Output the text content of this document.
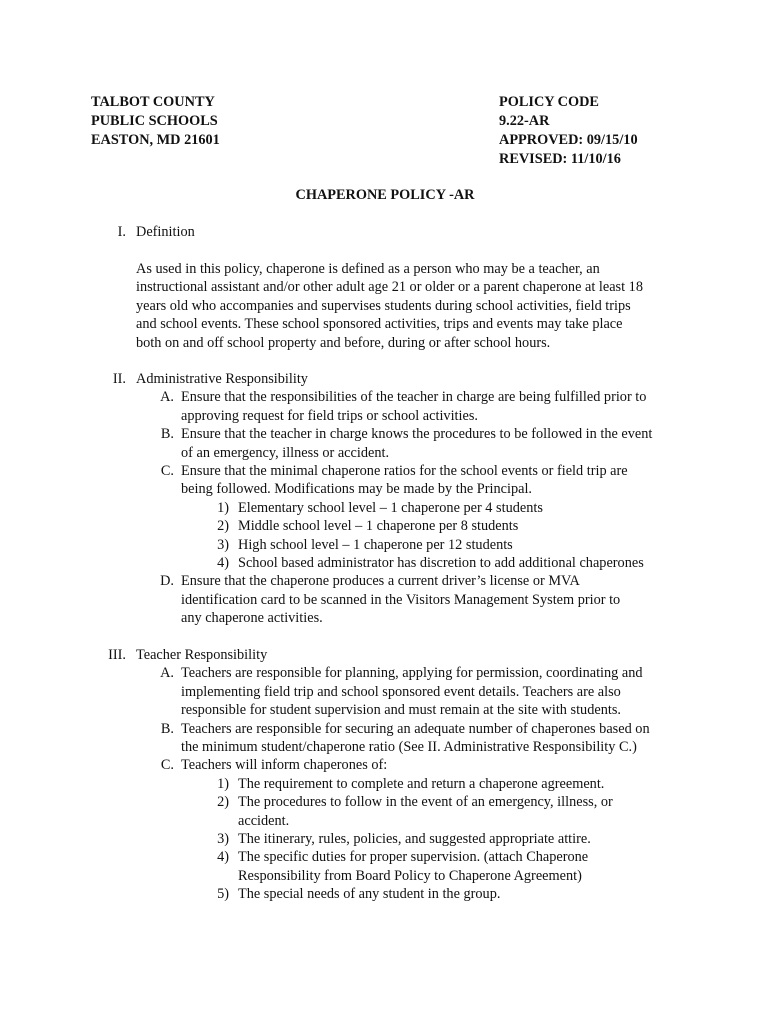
TALBOT COUNTY
PUBLIC SCHOOLS
EASTON, MD 21601
POLICY CODE
9.22-AR
APPROVED: 09/15/10
REVISED: 11/10/16
CHAPERONE POLICY -AR
I. Definition
As used in this policy, chaperone is defined as a person who may be a teacher, an
instructional assistant and/or other adult age 21 or older or a parent chaperone at least 18
years old who accompanies and supervises students during school activities, field trips
and school events. These school sponsored activities, trips and events may take place
both on and off school property and before, during or after school hours.
II. Administrative Responsibility
A. Ensure that the responsibilities of the teacher in charge are being fulfilled prior to
approving request for field trips or school activities.
B. Ensure that the teacher in charge knows the procedures to be followed in the event
of an emergency, illness or accident.
C. Ensure that the minimal chaperone ratios for the school events or field trip are
being followed. Modifications may be made by the Principal.
1) Elementary school level – 1 chaperone per 4 students
2) Middle school level – 1 chaperone per 8 students
3) High school level – 1 chaperone per 12 students
4) School based administrator has discretion to add additional chaperones
D. Ensure that the chaperone produces a current driver’s license or MVA
identification card to be scanned in the Visitors Management System prior to
any chaperone activities.
III. Teacher Responsibility
A. Teachers are responsible for planning, applying for permission, coordinating and
implementing field trip and school sponsored event details. Teachers are also
responsible for student supervision and must remain at the site with students.
B. Teachers are responsible for securing an adequate number of chaperones based on
the minimum student/chaperone ratio (See II. Administrative Responsibility C.)
C. Teachers will inform chaperones of:
1) The requirement to complete and return a chaperone agreement.
2) The procedures to follow in the event of an emergency, illness, or
accident.
3) The itinerary, rules, policies, and suggested appropriate attire.
4) The specific duties for proper supervision. (attach Chaperone
Responsibility from Board Policy to Chaperone Agreement)
5) The special needs of any student in the group.
